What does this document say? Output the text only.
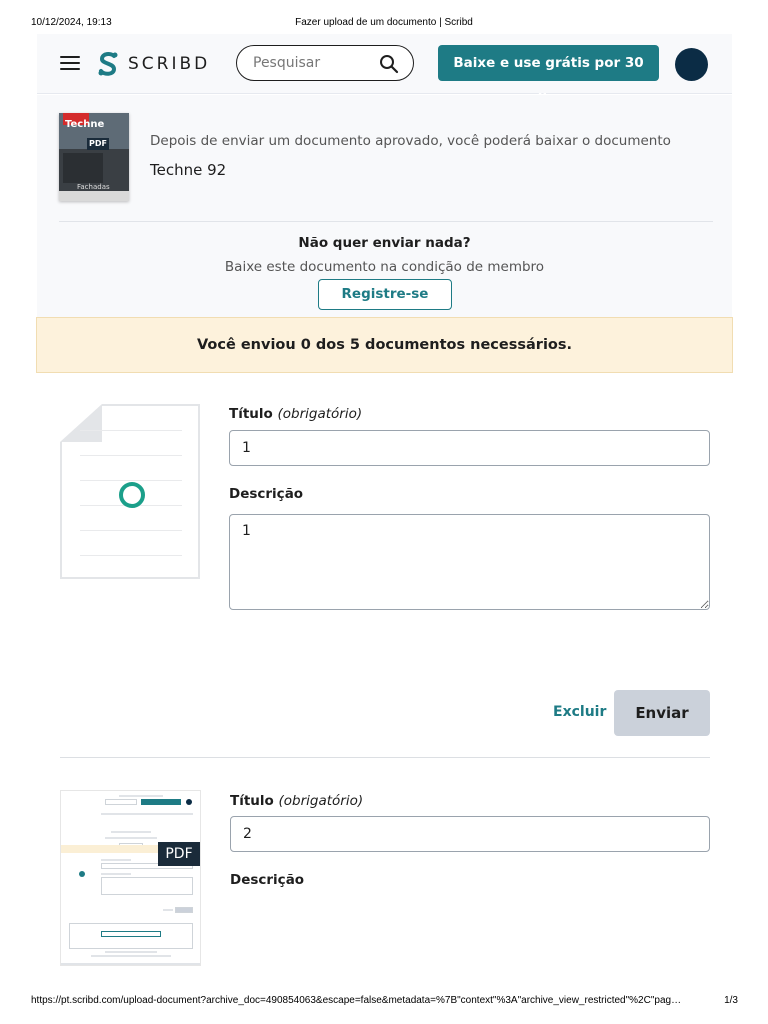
10/12/2024, 19:13	Fazer upload de um documento | Scribd
SCRIBD
Pesquisar	Baixe e use grátis por 30
Techne
Fachadas
PDF	Depois de enviar um documento aprovado, você poderá baixar o documento
Techne 92
Não quer enviar nada?
Baixe este documento na condição de membro
Registre-se
Você enviou 0 dos 5 documentos necessários.
Título (obrigatório)
1
Descrição
1
Excluir	Enviar
PDF
Título (obrigatório)
2
Descrição
https://pt.scribd.com/upload-document?archive_doc=490854063&escape=false&metadata=%7B"context"%3A"archive_view_restricted"%2C"pag…	1/3
